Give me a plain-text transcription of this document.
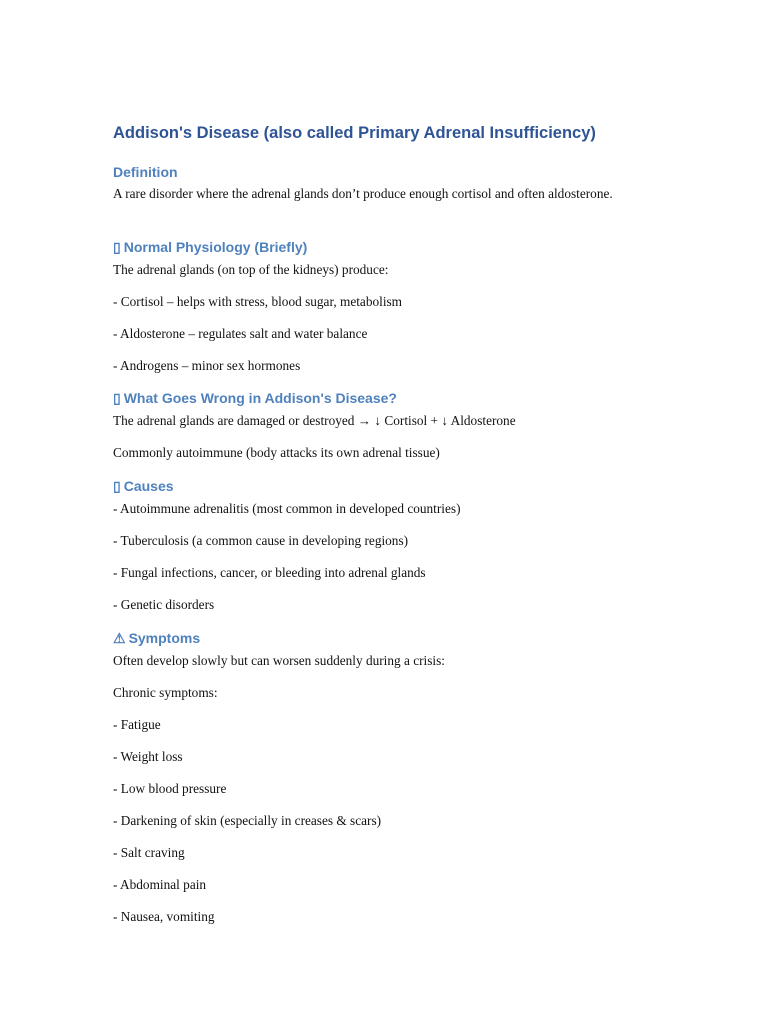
Addison's Disease (also called Primary Adrenal Insufficiency)
Definition

A rare disorder where the adrenal glands don’t produce enough cortisol and often aldosterone.

▯ Normal Physiology (Briefly)

The adrenal glands (on top of the kidneys) produce:

- Cortisol – helps with stress, blood sugar, metabolism

- Aldosterone – regulates salt and water balance

- Androgens – minor sex hormones

▯ What Goes Wrong in Addison's Disease?

The adrenal glands are damaged or destroyed → ↓ Cortisol + ↓ Aldosterone

Commonly autoimmune (body attacks its own adrenal tissue)

▯ Causes

- Autoimmune adrenalitis (most common in developed countries)

- Tuberculosis (a common cause in developing regions)

- Fungal infections, cancer, or bleeding into adrenal glands

- Genetic disorders

⚠ Symptoms

Often develop slowly but can worsen suddenly during a crisis:

Chronic symptoms:

- Fatigue

- Weight loss

- Low blood pressure

- Darkening of skin (especially in creases & scars)

- Salt craving

- Abdominal pain

- Nausea, vomiting
